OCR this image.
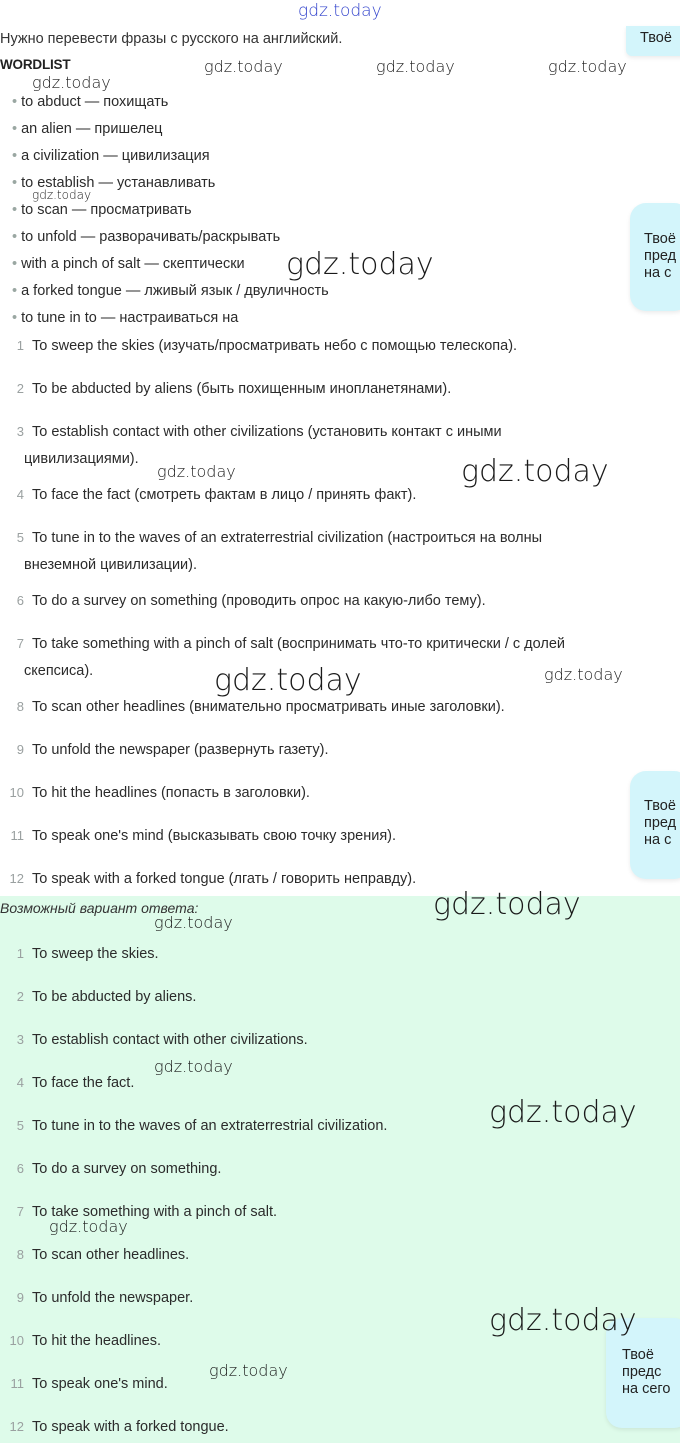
Нужно перевести фразы с русского на английский.
WORDLIST
• to abduct — похищать
• an alien — пришелец
• a civilization — цивилизация
• to establish — устанавливать
• to scan — просматривать
• to unfold — разворачивать/раскрывать
• with a pinch of salt — скептически
• a forked tongue — лживый язык / двуличность
• to tune in to — настраиваться на
1 To sweep the skies (изучать/просматривать небо с помощью телескопа).
2 To be abducted by aliens (быть похищенным инопланетянами).
3 To establish contact with other civilizations (установить контакт с иными
цивилизациями).
4 To face the fact (смотреть фактам в лицо / принять факт).
5 To tune in to the waves of an extraterrestrial civilization (настроиться на волны
внеземной цивилизации).
6 To do a survey on something (проводить опрос на какую-либо тему).
7 To take something with a pinch of salt (воспринимать что-то критически / с долей
скепсиса).
8 To scan other headlines (внимательно просматривать иные заголовки).
9 To unfold the newspaper (развернуть газету).
10 To hit the headlines (попасть в заголовки).
11 To speak one's mind (высказывать свою точку зрения).
12 To speak with a forked tongue (лгать / говорить неправду).
Возможный вариант ответа:
1 To sweep the skies.
2 To be abducted by aliens.
3 To establish contact with other civilizations.
4 To face the fact.
5 To tune in to the waves of an extraterrestrial civilization.
6 To do a survey on something.
7 To take something with a pinch of salt.
8 To scan other headlines.
9 To unfold the newspaper.
10 To hit the headlines.
11 To speak one's mind.
12 To speak with a forked tongue.
Твоё
Твоё
пред
на с
Твоё
пред
на с
Твоё
предс
на сего
gdz.today
gdz.today	gdz.today	gdz.today
gdz.today
gdz.today
gdz.today
gdz.today	gdz.today
gdz.today	gdz.today
gdz.today
gdz.today
gdz.today
gdz.today
gdz.today
gdz.today
gdz.today
